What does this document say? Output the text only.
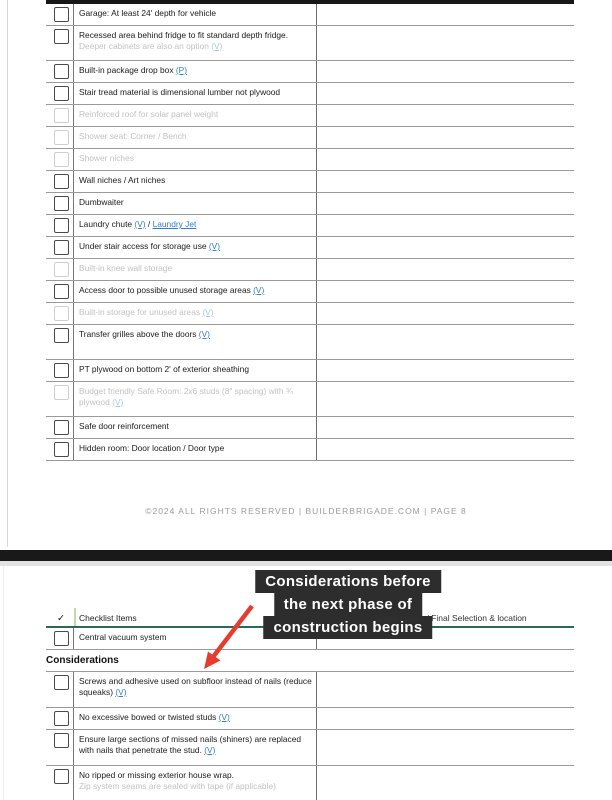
Garage: At least 24' depth for vehicle
Recessed area behind fridge to fit standard depth fridge.
Deeper cabinets are also an option (V)
Built-in package drop box (P)
Stair tread material is dimensional lumber not plywood
Reinforced roof for solar panel weight
Shower seat: Corner / Bench
Shower niches
Wall niches / Art niches
Dumbwaiter
Laundry chute (V) / Laundry Jet
Under stair access for storage use (V)
Built-in knee wall storage
Access door to possible unused storage areas (V)
Built-in storage for unused areas (V)
Transfer grilles above the doors (V)
PT plywood on bottom 2' of exterior sheathing
Budget friendly Safe Room: 2x6 studs (8" spacing) with ¾
plywood (V)
Safe door reinforcement
Hidden room: Door location / Door type
©2024 ALL RIGHTS RESERVED | BUILDERBRIGADE.COM | PAGE 8
✓ Checklist Items	Notes / Links / Final Selection & location
Central vacuum system
Considerations
Screws and adhesive used on subfloor instead of nails (reduce
squeaks) (V)
No excessive bowed or twisted studs (V)
Ensure large sections of missed nails (shiners) are replaced
with nails that penetrate the stud. (V)
No ripped or missing exterior house wrap.
Zip system seams are sealed with tape (if applicable)
Considerations before
the next phase of
construction begins
